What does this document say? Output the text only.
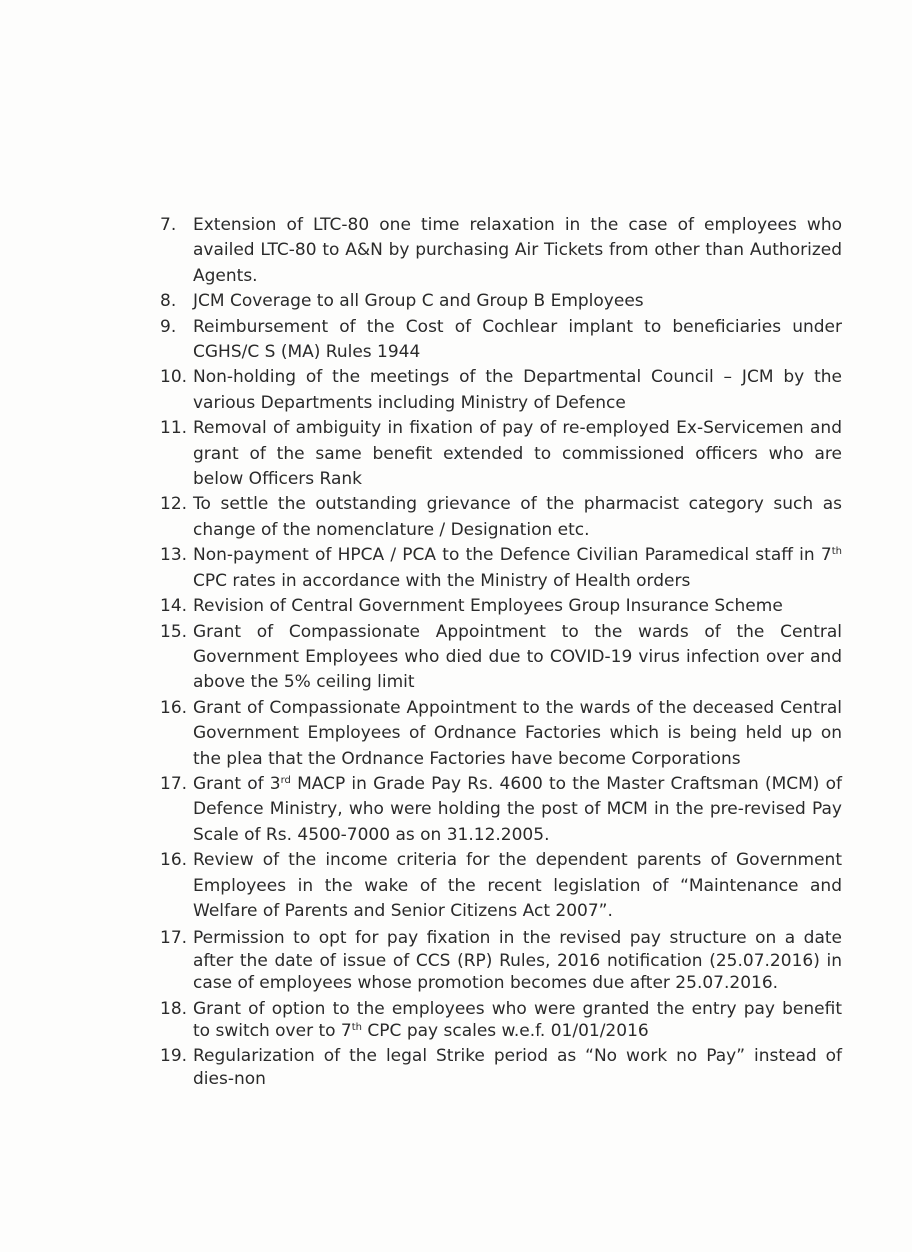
7. Extension of LTC-80 one time relaxation in the case of employees who availed LTC-80 to A&N by purchasing Air Tickets from other than Authorized Agents.
8. JCM Coverage to all Group C and Group B Employees
9. Reimbursement of the Cost of Cochlear implant to beneficiaries under CGHS/C S (MA) Rules 1944
10. Non-holding of the meetings of the Departmental Council – JCM by the various Departments including Ministry of Defence
11. Removal of ambiguity in fixation of pay of re-employed Ex-Servicemen and grant of the same benefit extended to commissioned officers who are below Officers Rank
12. To settle the outstanding grievance of the pharmacist category such as change of the nomenclature / Designation etc.
13. Non-payment of HPCA / PCA to the Defence Civilian Paramedical staff in 7th CPC rates in accordance with the Ministry of Health orders
14. Revision of Central Government Employees Group Insurance Scheme
15. Grant of Compassionate Appointment to the wards of the Central Government Employees who died due to COVID-19 virus infection over and above the 5% ceiling limit
16. Grant of Compassionate Appointment to the wards of the deceased Central Government Employees of Ordnance Factories which is being held up on the plea that the Ordnance Factories have become Corporations
17. Grant of 3rd MACP in Grade Pay Rs. 4600 to the Master Craftsman (MCM) of Defence Ministry, who were holding the post of MCM in the pre-revised Pay Scale of Rs. 4500-7000 as on 31.12.2005.
16. Review of the income criteria for the dependent parents of Government Employees in the wake of the recent legislation of “Maintenance and Welfare of Parents and Senior Citizens Act 2007”.
17. Permission to opt for pay fixation in the revised pay structure on a date after the date of issue of CCS (RP) Rules, 2016 notification (25.07.2016) in case of employees whose promotion becomes due after 25.07.2016.
18. Grant of option to the employees who were granted the entry pay benefit to switch over to 7th CPC pay scales w.e.f. 01/01/2016
19. Regularization of the legal Strike period as “No work no Pay” instead of dies-non
